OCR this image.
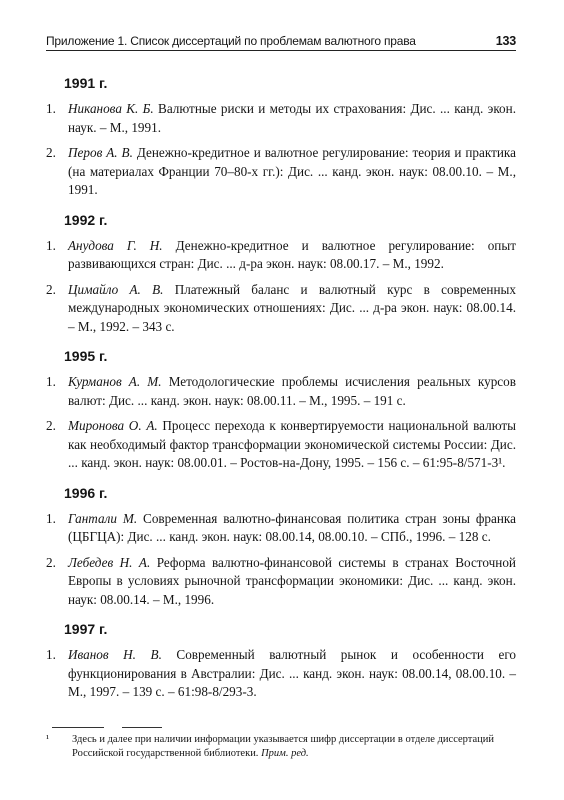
Приложение 1. Список диссертаций по проблемам валютного права	133
1991 г.
1. Никанова К. Б. Валютные риски и методы их страхования: Дис. ... канд. экон. наук. – М., 1991.
2. Перов А. В. Денежно-кредитное и валютное регулирование: теория и практика (на материалах Франции 70–80-х гг.): Дис. ... канд. экон. наук: 08.00.10. – М., 1991.
1992 г.
1. Анудова Г. Н. Денежно-кредитное и валютное регулирование: опыт развивающихся стран: Дис. ... д-ра экон. наук: 08.00.17. – М., 1992.
2. Цимайло А. В. Платежный баланс и валютный курс в современных международных экономических отношениях: Дис. ... д-ра экон. наук: 08.00.14. – М., 1992. – 343 с.
1995 г.
1. Курманов А. М. Методологические проблемы исчисления реальных курсов валют: Дис. ... канд. экон. наук: 08.00.11. – М., 1995. – 191 с.
2. Миронова О. А. Процесс перехода к конвертируемости национальной валюты как необходимый фактор трансформации экономической системы России: Дис. ... канд. экон. наук: 08.00.01. – Ростов-на-Дону, 1995. – 156 с. – 61:95-8/571-3¹.
1996 г.
1. Гантали М. Современная валютно-финансовая политика стран зоны франка (ЦБГЦА): Дис. ... канд. экон. наук: 08.00.14, 08.00.10. – СПб., 1996. – 128 с.
2. Лебедев Н. А. Реформа валютно-финансовой системы в странах Восточной Европы в условиях рыночной трансформации экономики: Дис. ... канд. экон. наук: 08.00.14. – М., 1996.
1997 г.
1. Иванов Н. В. Современный валютный рынок и особенности его функционирования в Австралии: Дис. ... канд. экон. наук: 08.00.14, 08.00.10. – М., 1997. – 139 с. – 61:98-8/293-3.
¹	Здесь и далее при наличии информации указывается шифр диссертации в отделе диссертаций Российской государственной библиотеки. Прим. ред.
